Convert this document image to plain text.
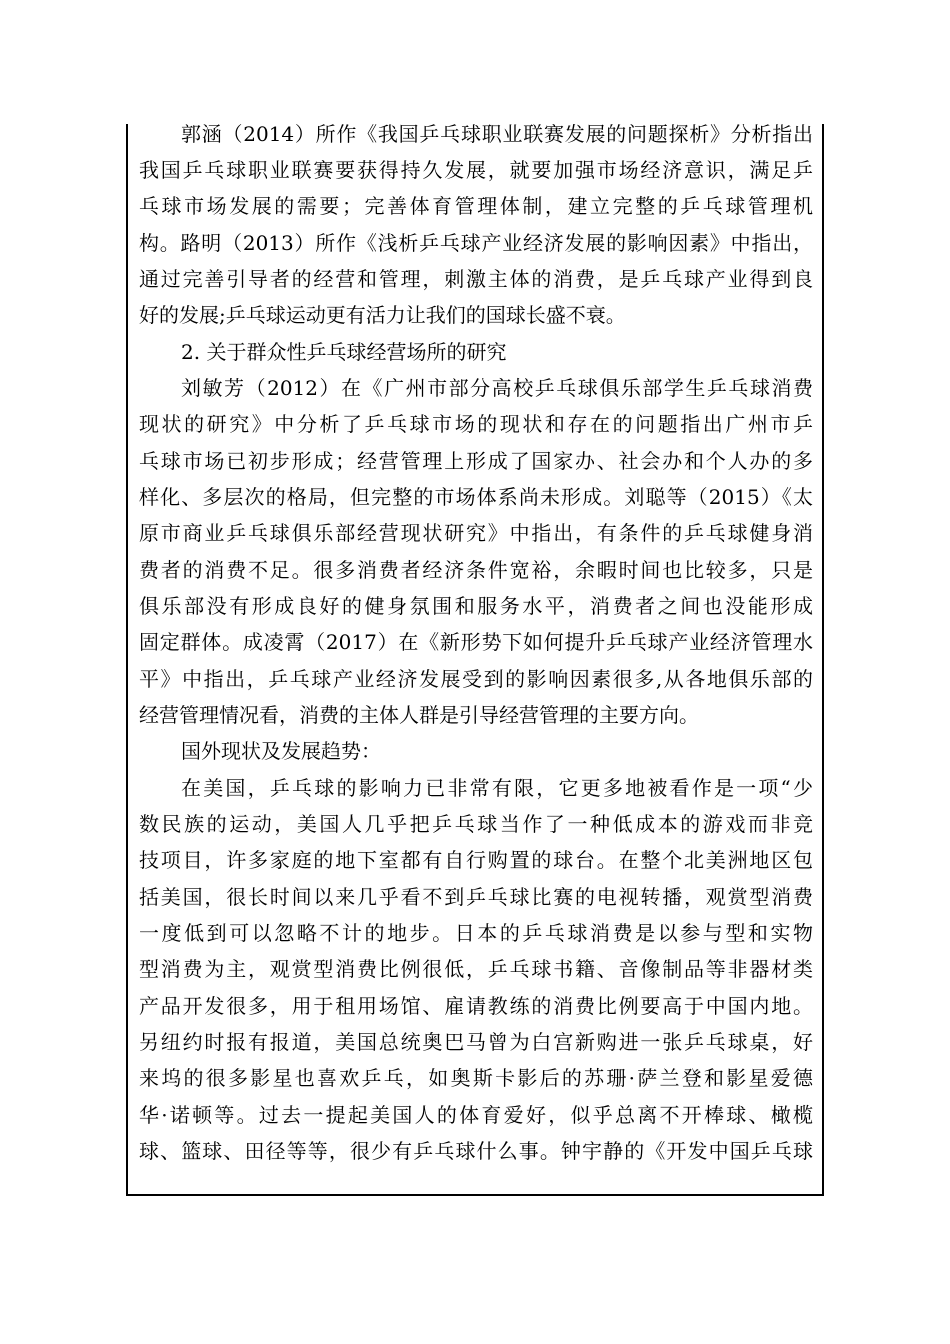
郭涵（2014）所作《我国乒乓球职业联赛发展的问题探析》分析指出
我国乒乓球职业联赛要获得持久发展，就要加强市场经济意识，满足乒
乓球市场发展的需要；完善体育管理体制，建立完整的乒乓球管理机
构。路明（2013）所作《浅析乒乓球产业经济发展的影响因素》中指出，
通过完善引导者的经营和管理，刺激主体的消费，是乒乓球产业得到良
好的发展;乒乓球运动更有活力让我们的国球长盛不衰。
2. 关于群众性乒乓球经营场所的研究
刘敏芳（2012）在《广州市部分高校乒乓球俱乐部学生乒乓球消费
现状的研究》中分析了乒乓球市场的现状和存在的问题指出广州市乒
乓球市场已初步形成；经营管理上形成了国家办、社会办和个人办的多
样化、多层次的格局，但完整的市场体系尚未形成。刘聪等（2015）《太
原市商业乒乓球俱乐部经营现状研究》中指出，有条件的乒乓球健身消
费者的消费不足。很多消费者经济条件宽裕，余暇时间也比较多，只是
俱乐部没有形成良好的健身氛围和服务水平，消费者之间也没能形成
固定群体。成凌霄（2017）在《新形势下如何提升乒乓球产业经济管理水
平》中指出，乒乓球产业经济发展受到的影响因素很多,从各地俱乐部的
经营管理情况看，消费的主体人群是引导经营管理的主要方向。
国外现状及发展趋势：
在美国，乒乓球的影响力已非常有限，它更多地被看作是一项“少
数民族的运动，美国人几乎把乒乓球当作了一种低成本的游戏而非竞
技项目，许多家庭的地下室都有自行购置的球台。在整个北美洲地区包
括美国，很长时间以来几乎看不到乒乓球比赛的电视转播，观赏型消费
一度低到可以忽略不计的地步。日本的乒乓球消费是以参与型和实物
型消费为主，观赏型消费比例很低，乒乓球书籍、音像制品等非器材类
产品开发很多，用于租用场馆、雇请教练的消费比例要高于中国内地。
另纽约时报有报道，美国总统奥巴马曾为白宫新购进一张乒乓球桌，好
来坞的很多影星也喜欢乒乓，如奥斯卡影后的苏珊·萨兰登和影星爱德
华·诺顿等。过去一提起美国人的体育爱好，似乎总离不开棒球、橄榄
球、篮球、田径等等，很少有乒乓球什么事。钟宇静的《开发中国乒乓球
